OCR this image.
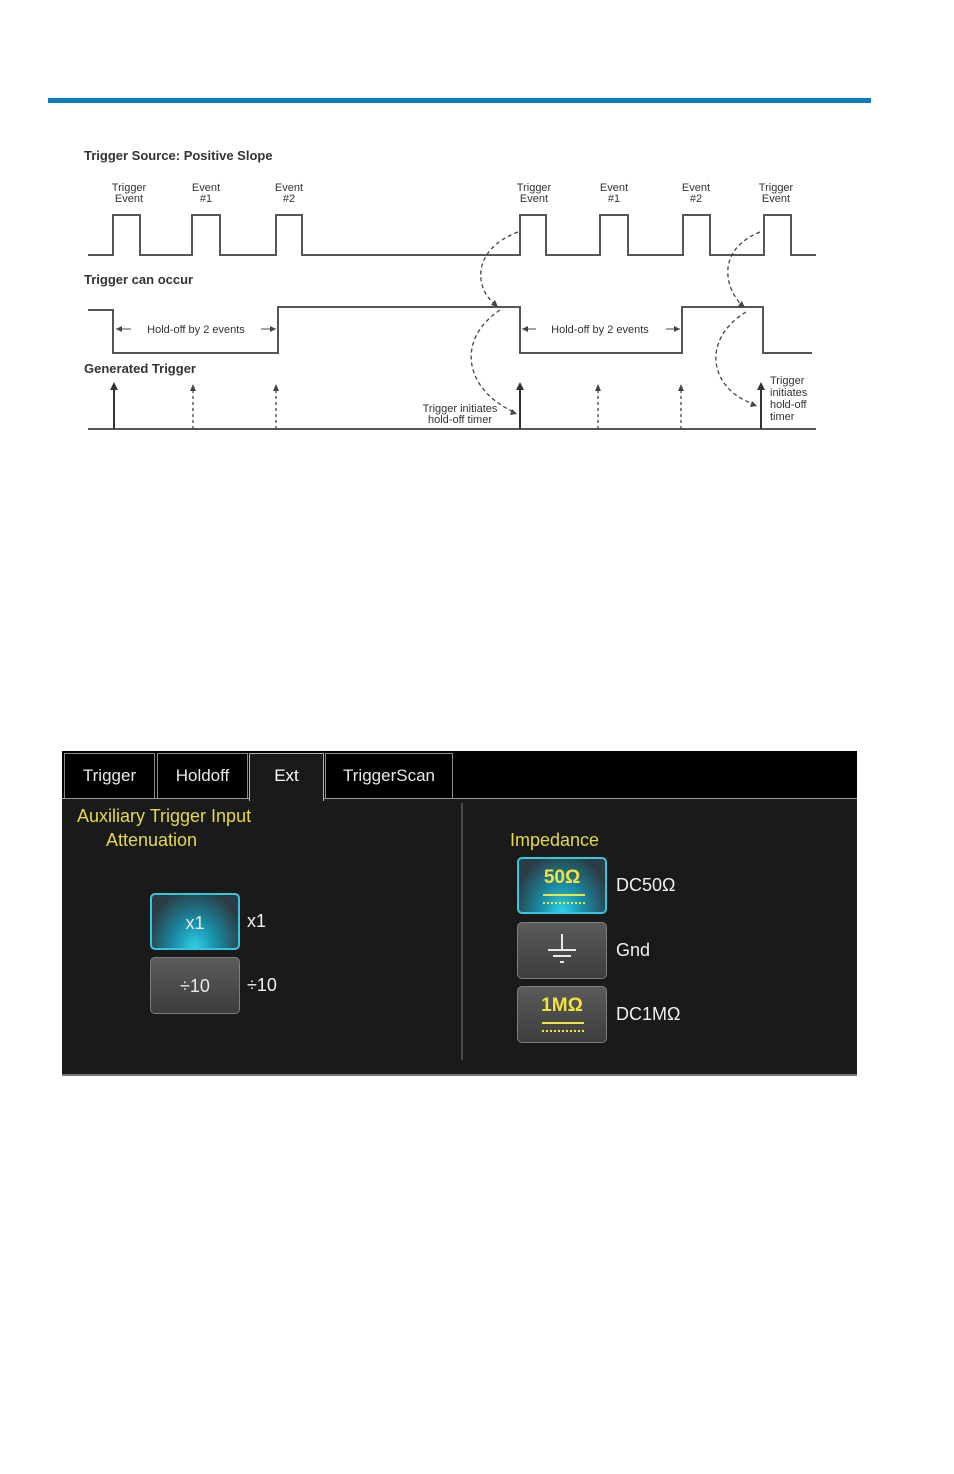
Trigger Source: Positive Slope
Trigger Event
Event #1
Event #2
Trigger Event
Event #1
Event #2
Trigger Event
Trigger can occur
Hold-off by 2 events	Hold-off by 2 events
Generated Trigger
Trigger initiates hold-off timer
Trigger initiates hold-off timer
Trigger	Holdoff	Ext	TriggerScan
Auxiliary Trigger Input
Attenuation
x1	x1
÷10	÷10
Impedance
50Ω	DC50Ω
Gnd
1MΩ	DC1MΩ
